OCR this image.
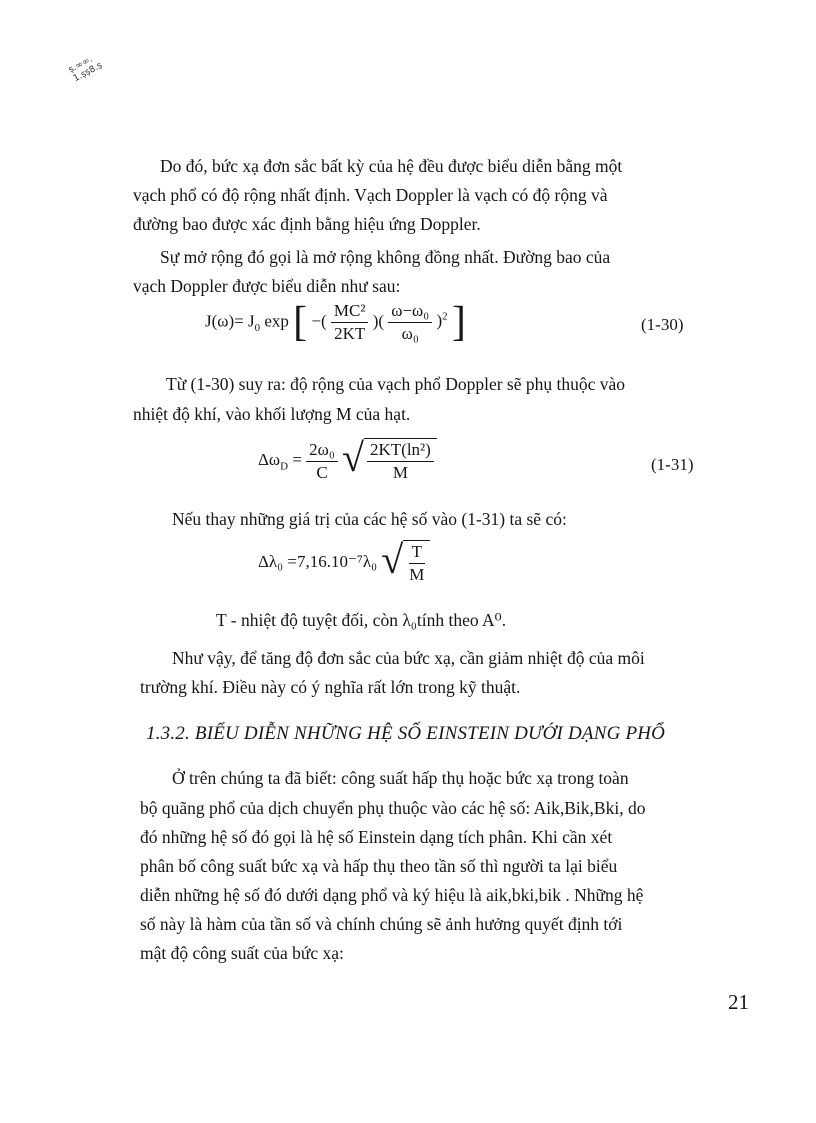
ṣ.∞∞.
1.ṣṣ8.ṣ

Do đó, bức xạ đơn sắc bất kỳ của hệ đều được biểu diễn bằng một

vạch phổ có độ rộng nhất định. Vạch Doppler là vạch có độ rộng và

đường bao được xác định bằng hiệu ứng Doppler.

Sự mở rộng đó gọi là mở rộng không đồng nhất. Đường bao của

vạch Doppler được biểu diễn như sau:

$J(\omega)= J_0$ exp [ −( $\frac{\text{MC²}}{2KT}$ )( $\frac{\text{ω−ω₀}}{\text{ω₀}} )^2$ ]	(1-30)

Từ (1-30) suy ra: độ rộng của vạch phổ Doppler sẽ phụ thuộc vào

nhiệt độ khí, vào khối lượng M của hạt.

$\Delta\omega_D = \frac{\text{2ω₀}}{C}$
√ $\frac{\text{2KT(ln²)}}{M}$	(1-31)

Nếu thay những giá trị của các hệ số vào (1-31) ta sẽ có:

Δλ₀ =7,16.10⁻⁷λ₀ √ $\frac{T}{M}$

T - nhiệt độ tuyệt đối, còn λ₀tính theo A⁰.

Như vậy, để tăng độ đơn sắc của bức xạ, cần giảm nhiệt độ của môi

trường khí. Điều này có ý nghĩa rất lớn trong kỹ thuật.

1.3.2. BIỂU DIỄN NHỮNG HỆ SỐ EINSTEIN DƯỚI DẠNG PHỔ

Ở trên chúng ta đã biết: công suất hấp thụ hoặc bức xạ trong toàn

bộ quãng phổ của dịch chuyển phụ thuộc vào các hệ số: Aik,Bik,Bki, do

đó những hệ số đó gọi là hệ số Einstein dạng tích phân. Khi cần xét

phân bố công suất bức xạ và hấp thụ theo tần số thì người ta lại biểu

diễn những hệ số đó dưới dạng phổ và ký hiệu là aik,bki,bik . Những hệ

số này là hàm của tần số và chính chúng sẽ ảnh hưởng quyết định tới

mật độ công suất của bức xạ:

21
